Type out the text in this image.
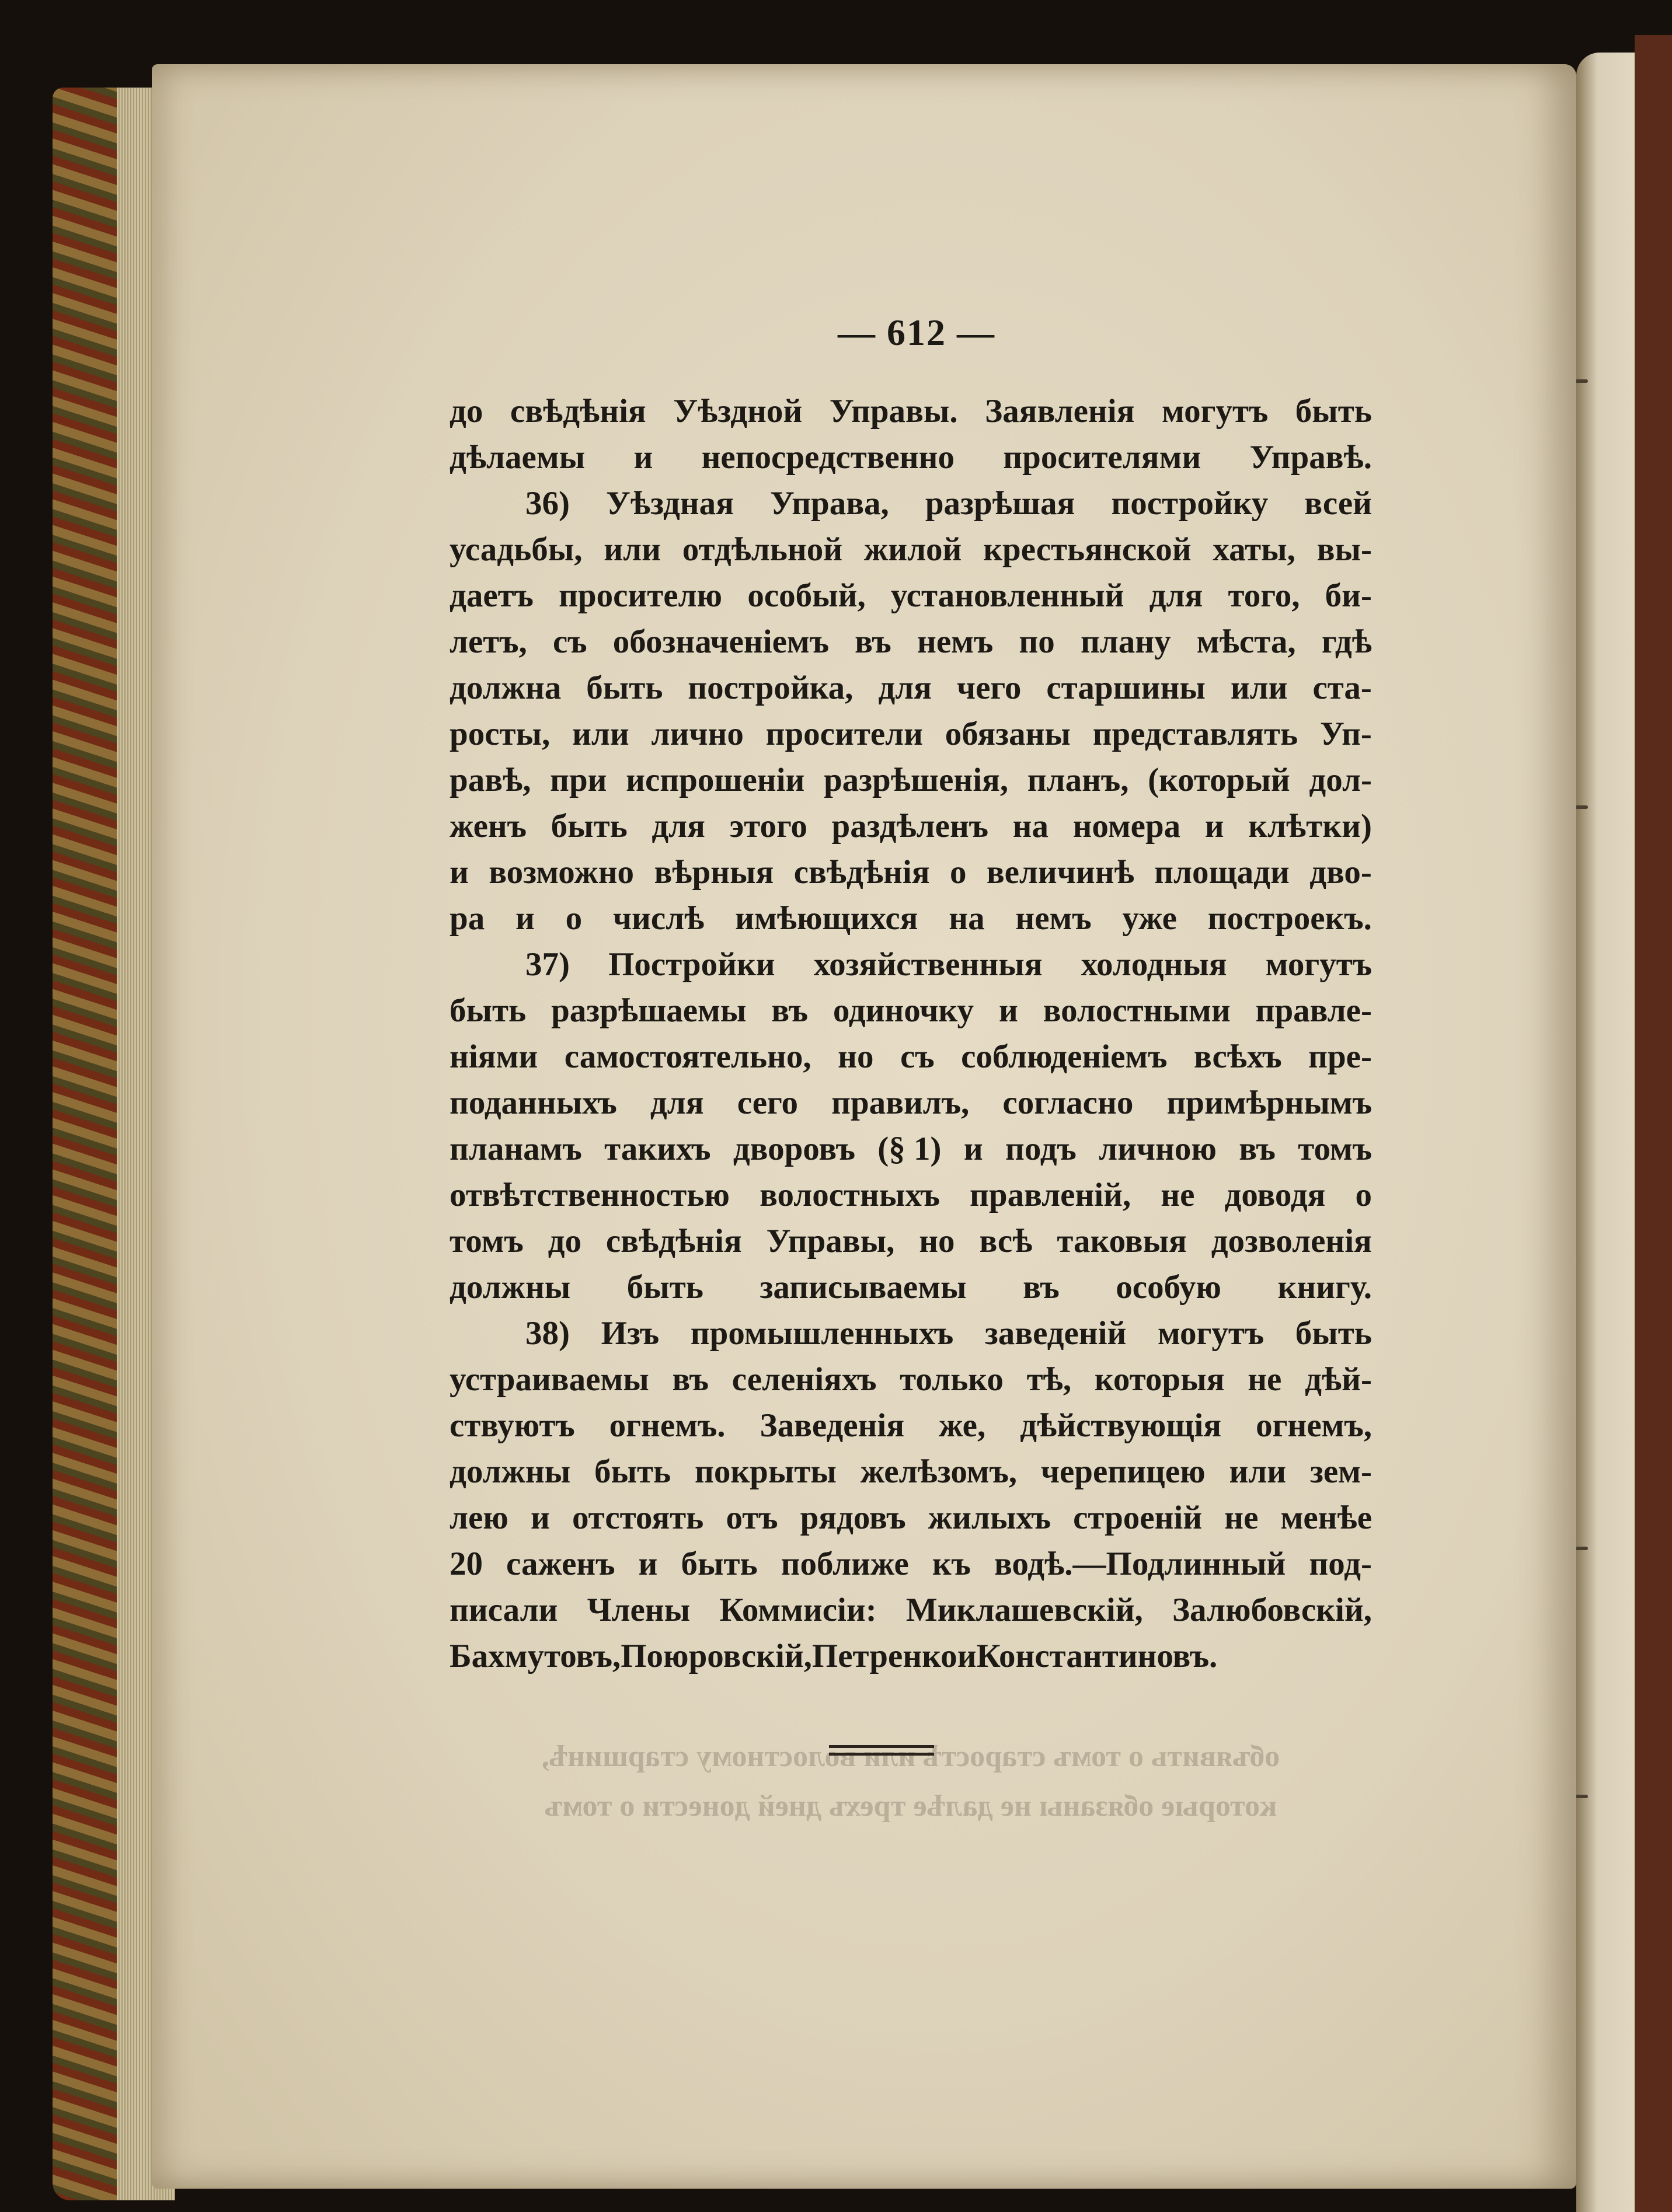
объявить о томъ старостѣ или волостному старшинѣ,
которые обязаны не далѣе трехъ дней донести о томъ
— 612 —
до свѣдѣнія Уѣздной Управы. Заявленія могутъ быть
дѣлаемы и непосредственно просителями Управѣ.
36) Уѣздная Управа, разрѣшая постройку всей
усадьбы, или отдѣльной жилой крестьянской хаты, вы-
даетъ просителю особый, установленный для того, би-
летъ, съ обозначеніемъ въ немъ по плану мѣста, гдѣ
должна быть постройка, для чего старшины или ста-
росты, или лично просители обязаны представлять Уп-
равѣ, при испрошеніи разрѣшенія, планъ, (который дол-
женъ быть для этого раздѣленъ на номера и клѣтки)
и возможно вѣрныя свѣдѣнія о величинѣ площади дво-
ра и о числѣ имѣющихся на немъ уже построекъ.
37) Постройки хозяйственныя холодныя могутъ
быть разрѣшаемы въ одиночку и волостными правле-
ніями самостоятельно, но съ соблюденіемъ всѣхъ пре-
поданныхъ для сего правилъ, согласно примѣрнымъ
планамъ такихъ дворовъ (§ 1) и подъ личною въ томъ
отвѣтственностью волостныхъ правленій, не доводя о
томъ до свѣдѣнія Управы, но всѣ таковыя дозволенія
должны быть записываемы въ особую книгу.
38) Изъ промышленныхъ заведеній могутъ быть
устраиваемы въ селеніяхъ только тѣ, которыя не дѣй-
ствуютъ огнемъ. Заведенія же, дѣйствующія огнемъ,
должны быть покрыты желѣзомъ, черепицею или зем-
лею и отстоять отъ рядовъ жилыхъ строеній не менѣе
20 саженъ и быть поближе къ водѣ.—Подлинный под-
писали Члены Коммисіи: Миклашевскій, Залюбовскій,
Бахмутовъ, Поюровскій, Петренко и Константиновъ.
